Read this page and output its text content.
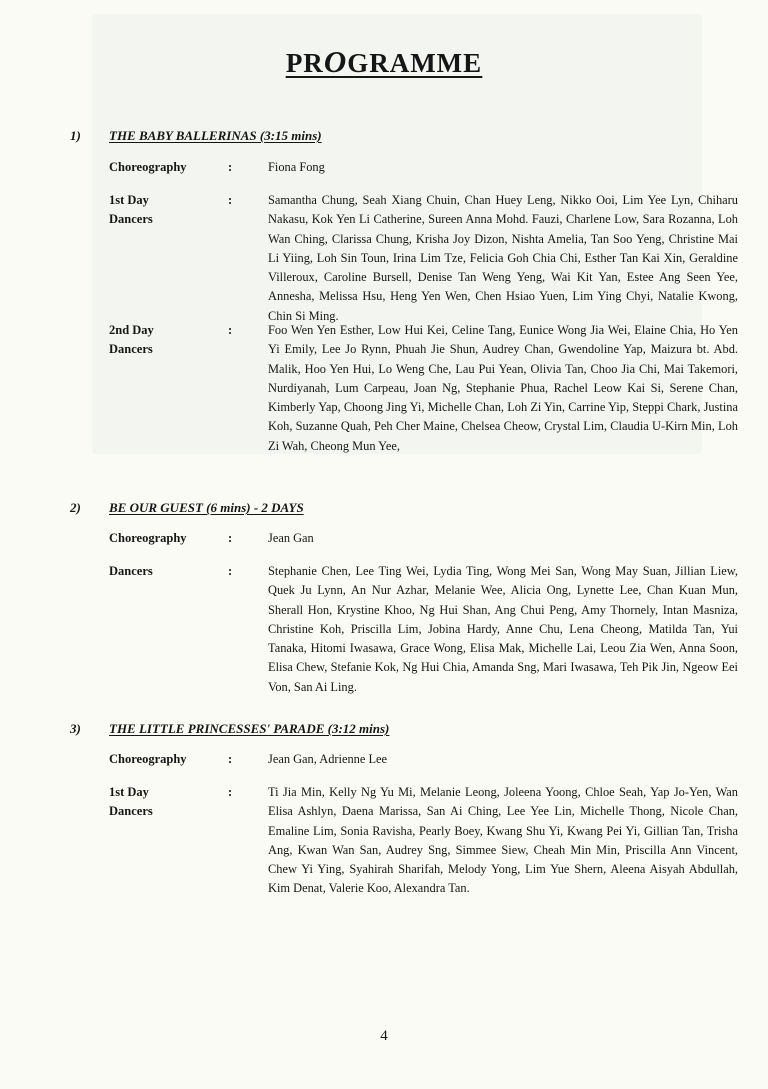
PROGRAMME
1) THE BABY BALLERINAS (3:15 mins)
Choreography	:	Fiona Fong
1st Day
Dancers
:	Samantha Chung, Seah Xiang Chuin, Chan Huey Leng, Nikko Ooi, Lim Yee Lyn, Chiharu Nakasu, Kok Yen Li Catherine, Sureen Anna Mohd. Fauzi, Charlene Low, Sara Rozanna, Loh Wan Ching, Clarissa Chung, Krisha Joy Dizon, Nishta Amelia, Tan Soo Yeng, Christine Mai Li Yiing, Loh Sin Toun, Irina Lim Tze, Felicia Goh Chia Chi, Esther Tan Kai Xin, Geraldine Villeroux, Caroline Bursell, Denise Tan Weng Yeng, Wai Kit Yan, Estee Ang Seen Yee, Annesha, Melissa Hsu, Heng Yen Wen, Chen Hsiao Yuen, Lim Ying Chyi, Natalie Kwong, Chin Si Ming.
2nd Day
Dancers
:	Foo Wen Yen Esther, Low Hui Kei, Celine Tang, Eunice Wong Jia Wei, Elaine Chia, Ho Yen Yi Emily, Lee Jo Rynn, Phuah Jie Shun, Audrey Chan, Gwendoline Yap, Maizura bt. Abd. Malik, Hoo Yen Hui, Lo Weng Che, Lau Pui Yean, Olivia Tan, Choo Jia Chi, Mai Takemori, Nurdiyanah, Lum Carpeau, Joan Ng, Stephanie Phua, Rachel Leow Kai Si, Serene Chan, Kimberly Yap, Choong Jing Yi, Michelle Chan, Loh Zi Yin, Carrine Yip, Steppi Chark, Justina Koh, Suzanne Quah, Peh Cher Maine, Chelsea Cheow, Crystal Lim, Claudia U-Kirn Min, Loh Zi Wah, Cheong Mun Yee,
2) BE OUR GUEST (6 mins) - 2 DAYS
Choreography	:	Jean Gan
Dancers	:	Stephanie Chen, Lee Ting Wei, Lydia Ting, Wong Mei San, Wong May Suan, Jillian Liew, Quek Ju Lynn, An Nur Azhar, Melanie Wee, Alicia Ong, Lynette Lee, Chan Kuan Mun, Sherall Hon, Krystine Khoo, Ng Hui Shan, Ang Chui Peng, Amy Thornely, Intan Masniza, Christine Koh, Priscilla Lim, Jobina Hardy, Anne Chu, Lena Cheong, Matilda Tan, Yui Tanaka, Hitomi Iwasawa, Grace Wong, Elisa Mak, Michelle Lai, Leou Zia Wen, Anna Soon, Elisa Chew, Stefanie Kok, Ng Hui Chia, Amanda Sng, Mari Iwasawa, Teh Pik Jin, Ngeow Eei Von, San Ai Ling.
3) THE LITTLE PRINCESSES' PARADE (3:12 mins)
Choreography	:	Jean Gan, Adrienne Lee
1st Day
Dancers
:	Ti Jia Min, Kelly Ng Yu Mi, Melanie Leong, Joleena Yoong, Chloe Seah, Yap Jo-Yen, Wan Elisa Ashlyn, Daena Marissa, San Ai Ching, Lee Yee Lin, Michelle Thong, Nicole Chan, Emaline Lim, Sonia Ravisha, Pearly Boey, Kwang Shu Yi, Kwang Pei Yi, Gillian Tan, Trisha Ang, Kwan Wan San, Audrey Sng, Simmee Siew, Cheah Min Min, Priscilla Ann Vincent, Chew Yi Ying, Syahirah Sharifah, Melody Yong, Lim Yue Shern, Aleena Aisyah Abdullah, Kim Denat, Valerie Koo, Alexandra Tan.
4
